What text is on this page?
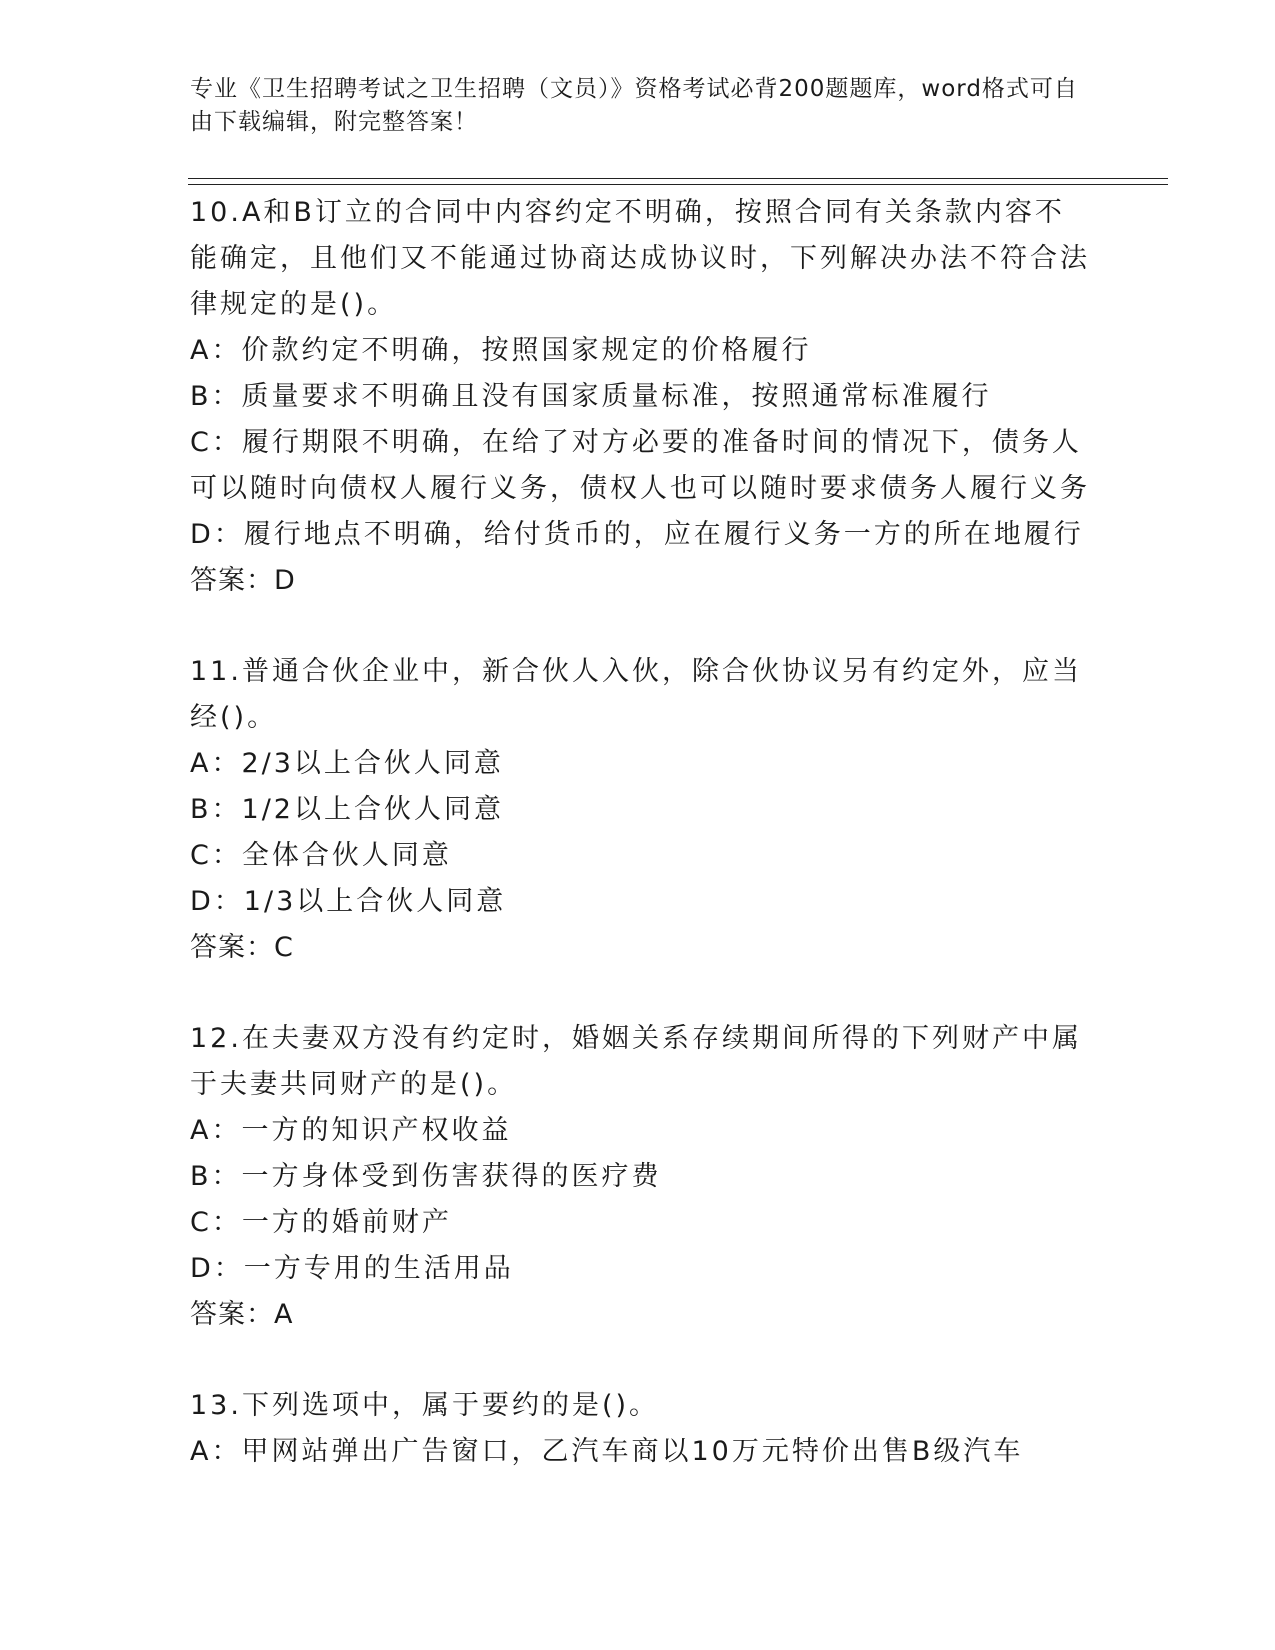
专业《卫生招聘考试之卫生招聘（文员）》资格考试必背200题题库，word格式可自由下载编辑，附完整答案！
10.A和B订立的合同中内容约定不明确，按照合同有关条款内容不能确定，且他们又不能通过协商达成协议时，下列解决办法不符合法律规定的是()。
A：价款约定不明确，按照国家规定的价格履行
B：质量要求不明确且没有国家质量标准，按照通常标准履行
C：履行期限不明确，在给了对方必要的准备时间的情况下，债务人可以随时向债权人履行义务，债权人也可以随时要求债务人履行义务
D：履行地点不明确，给付货币的，应在履行义务一方的所在地履行
答案：D
11.普通合伙企业中，新合伙人入伙，除合伙协议另有约定外，应当经()。
A：2/3以上合伙人同意
B：1/2以上合伙人同意
C：全体合伙人同意
D：1/3以上合伙人同意
答案：C
12.在夫妻双方没有约定时，婚姻关系存续期间所得的下列财产中属于夫妻共同财产的是()。
A：一方的知识产权收益
B：一方身体受到伤害获得的医疗费
C：一方的婚前财产
D：一方专用的生活用品
答案：A
13.下列选项中，属于要约的是()。
A：甲网站弹出广告窗口，乙汽车商以10万元特价出售B级汽车
